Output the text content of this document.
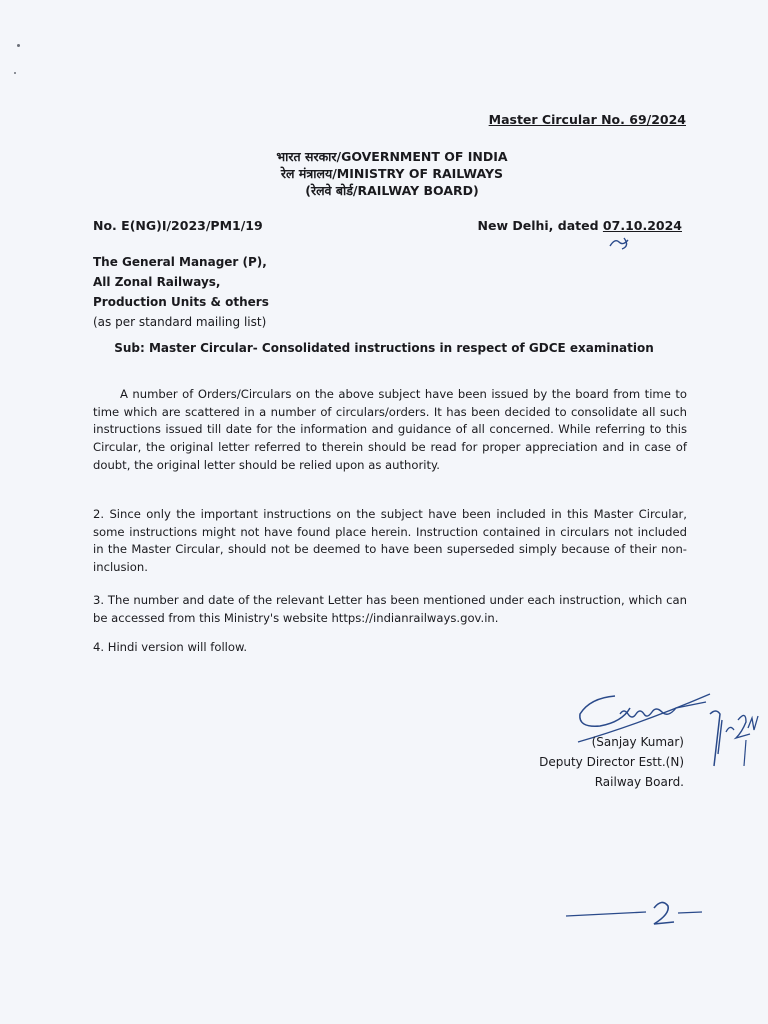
Master Circular No. 69/2024
भारत सरकार/GOVERNMENT OF INDIA
रेल मंत्रालय/MINISTRY OF RAILWAYS
(रेलवे बोर्ड/RAILWAY BOARD)
No. E(NG)I/2023/PM1/19	New Delhi, dated 07.10.2024
The General Manager (P),
All Zonal Railways,
Production Units & others
(as per standard mailing list)
Sub: Master Circular- Consolidated instructions in respect of GDCE examination
A number of Orders/Circulars on the above subject have been issued by the board from time to time which are scattered in a number of circulars/orders. It has been decided to consolidate all such instructions issued till date for the information and guidance of all concerned. While referring to this Circular, the original letter referred to therein should be read for proper appreciation and in case of doubt, the original letter should be relied upon as authority.
2. Since only the important instructions on the subject have been included in this Master Circular, some instructions might not have found place herein. Instruction contained in circulars not included in the Master Circular, should not be deemed to have been superseded simply because of their non-inclusion.
3. The number and date of the relevant Letter has been mentioned under each instruction, which can be accessed from this Ministry's website https://indianrailways.gov.in.
4. Hindi version will follow.
(Sanjay Kumar)
Deputy Director Estt.(N)
Railway Board.
